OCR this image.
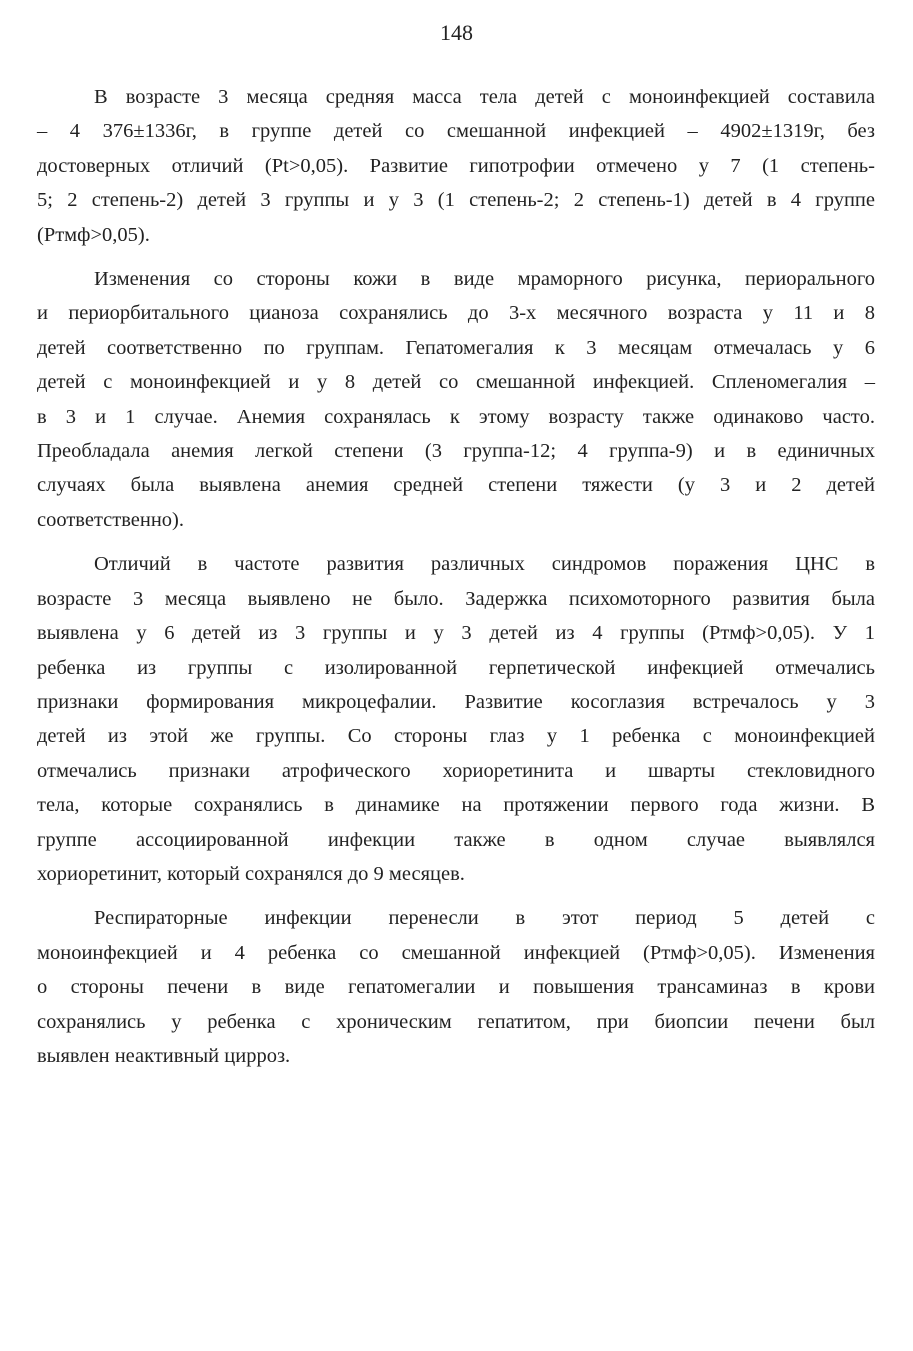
148
В возрасте 3 месяца средняя масса тела детей с моноинфекцией составила
– 4 376±1336г, в группе детей со смешанной инфекцией – 4902±1319г, без
достоверных отличий (Pt>0,05). Развитие гипотрофии отмечено у 7 (1 степень-
5; 2 степень-2) детей 3 группы и у 3 (1 степень-2; 2 степень-1) детей в 4 группе
(Ртмф>0,05).
Изменения со стороны кожи в виде мраморного рисунка, периорального
и периорбитального цианоза сохранялись до 3-х месячного возраста у 11 и 8
детей соответственно по группам. Гепатомегалия к 3 месяцам отмечалась у 6
детей с моноинфекцией и у 8 детей со смешанной инфекцией. Спленомегалия –
в 3 и 1 случае. Анемия сохранялась к этому возрасту также одинаково часто.
Преобладала анемия легкой степени (3 группа-12; 4 группа-9) и в единичных
случаях была выявлена анемия средней степени тяжести (у 3 и 2 детей
соответственно).
Отличий в частоте развития различных синдромов поражения ЦНС в
возрасте 3 месяца выявлено не было. Задержка психомоторного развития была
выявлена у 6 детей из 3 группы и у 3 детей из 4 группы (Ртмф>0,05). У 1
ребенка из группы с изолированной герпетической инфекцией отмечались
признаки формирования микроцефалии. Развитие косоглазия встречалось у 3
детей из этой же группы. Со стороны глаз у 1 ребенка с моноинфекцией
отмечались признаки атрофического хориоретинита и шварты стекловидного
тела, которые сохранялись в динамике на протяжении первого года жизни. В
группе ассоциированной инфекции также в одном случае выявлялся
хориоретинит, который сохранялся до 9 месяцев.
Респираторные инфекции перенесли в этот период 5 детей с
моноинфекцией и 4 ребенка со смешанной инфекцией (Ртмф>0,05). Изменения
о стороны печени в виде гепатомегалии и повышения трансаминаз в крови
сохранялись у ребенка с хроническим гепатитом, при биопсии печени был
выявлен неактивный цирроз.
